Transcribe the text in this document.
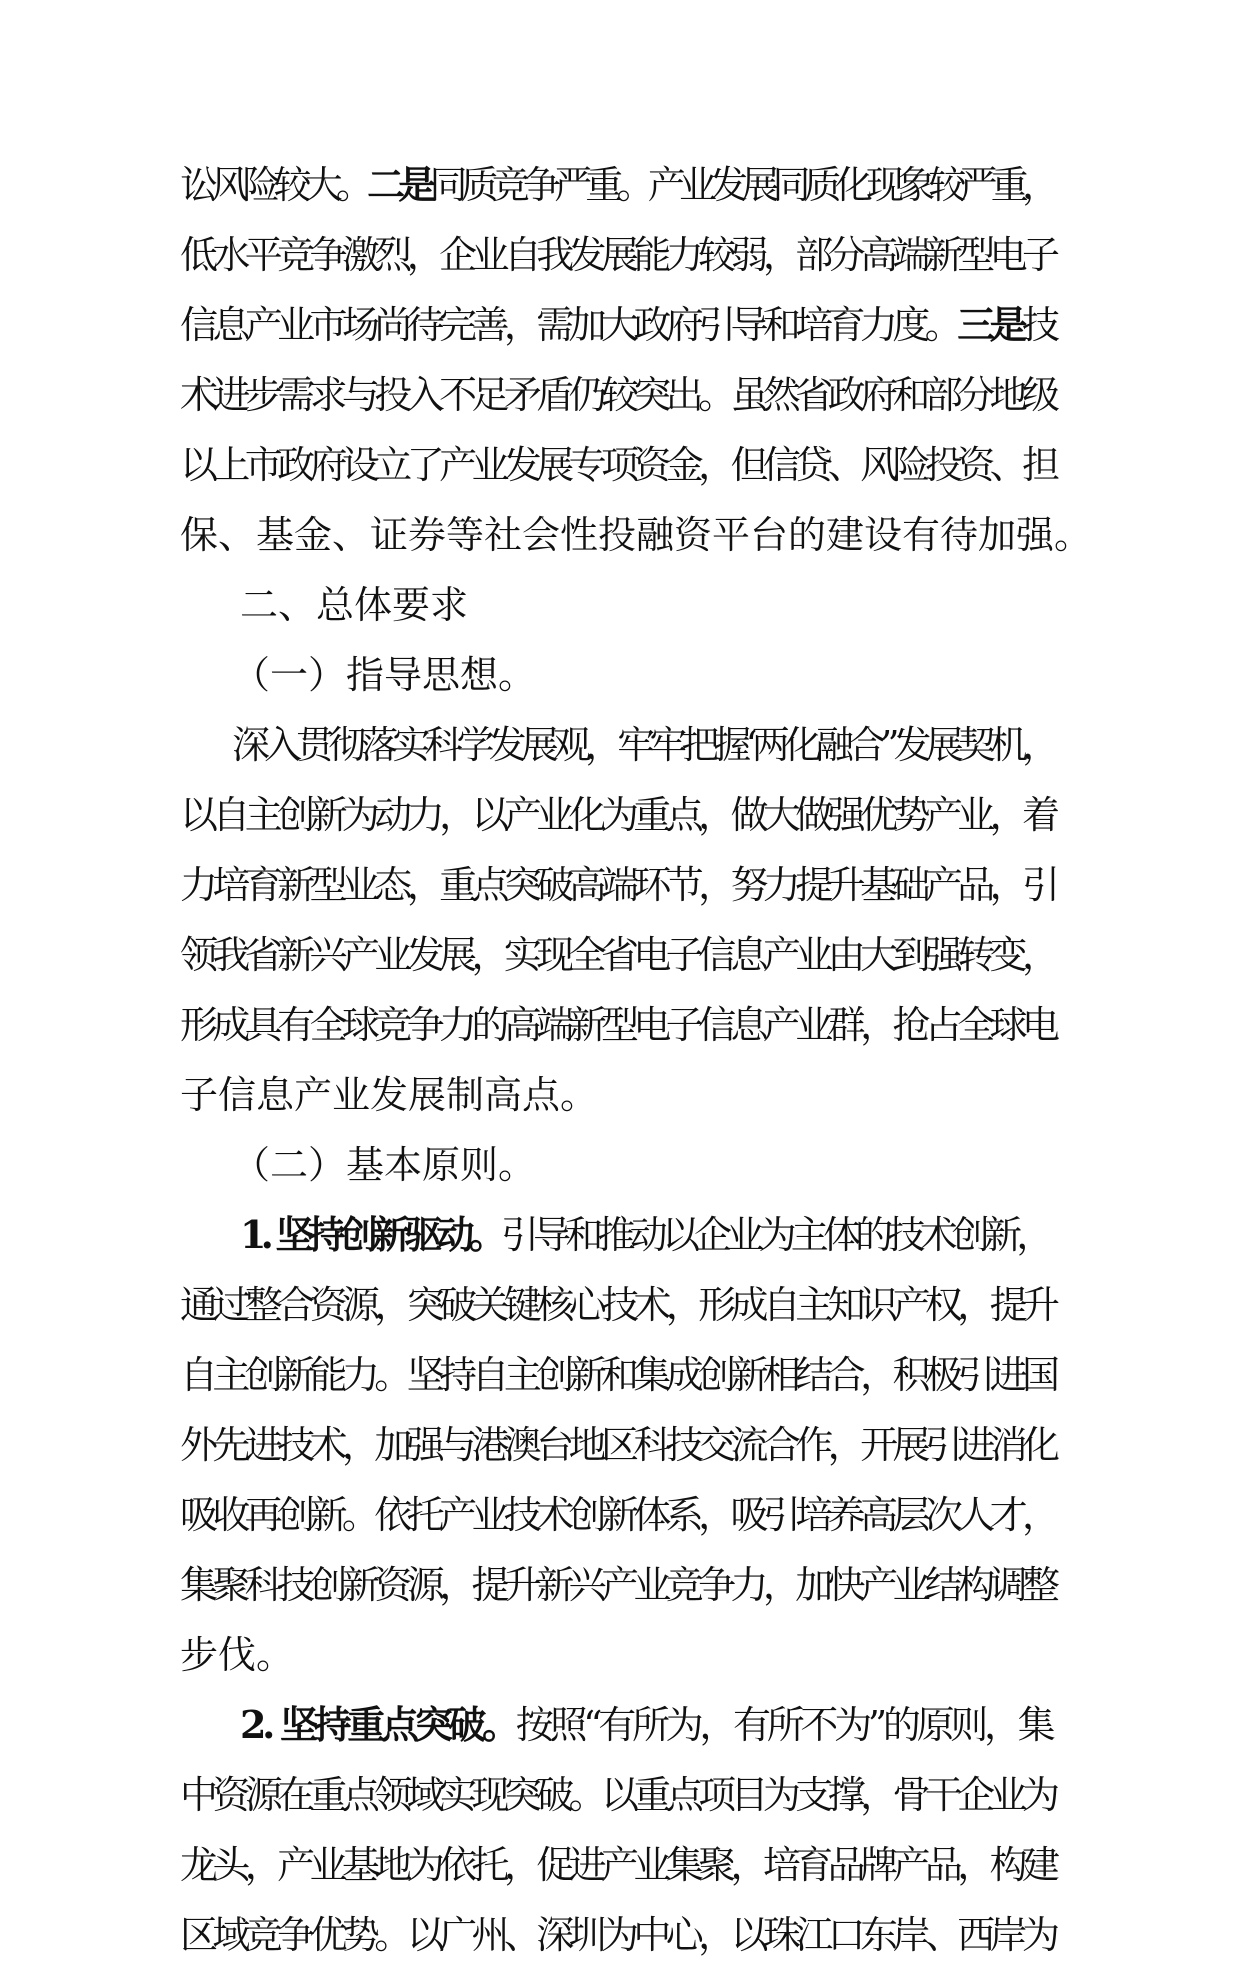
讼风险较大。二是同质竞争严重。产业发展同质化现象较严重，
低水平竞争激烈，企业自我发展能力较弱，部分高端新型电子
信息产业市场尚待完善，需加大政府引导和培育力度。三是技
术进步需求与投入不足矛盾仍较突出。虽然省政府和部分地级
以上市政府设立了产业发展专项资金，但信贷、风险投资、担
保、基金、证券等社会性投融资平台的建设有待加强。
二、总体要求
（一）指导思想。
深入贯彻落实科学发展观，牢牢把握‘两化融合”发展契机，
以自主创新为动力，以产业化为重点，做大做强优势产业，着
力培育新型业态，重点突破高端环节，努力提升基础产品，引
领我省新兴产业发展，实现全省电子信息产业由大到强转变，
形成具有全球竞争力的高端新型电子信息产业群，抢占全球电
子信息产业发展制高点。
（二）基本原则。
1. 坚持创新驱动。引导和推动以企业为主体的技术创新，
通过整合资源，突破关键核心技术，形成自主知识产权，提升
自主创新能力。坚持自主创新和集成创新相结合，积极引进国
外先进技术，加强与港澳台地区科技交流合作，开展引进消化
吸收再创新。依托产业技术创新体系，吸引培养高层次人才，
集聚科技创新资源，提升新兴产业竞争力，加快产业结构调整
步伐。
2. 坚持重点突破。按照“有所为，有所不为”的原则，集
中资源在重点领域实现突破。以重点项目为支撑，骨干企业为
龙头，产业基地为依托，促进产业集聚，培育品牌产品，构建
区域竞争优势。以广州、深圳为中心，以珠江口东岸、西岸为
